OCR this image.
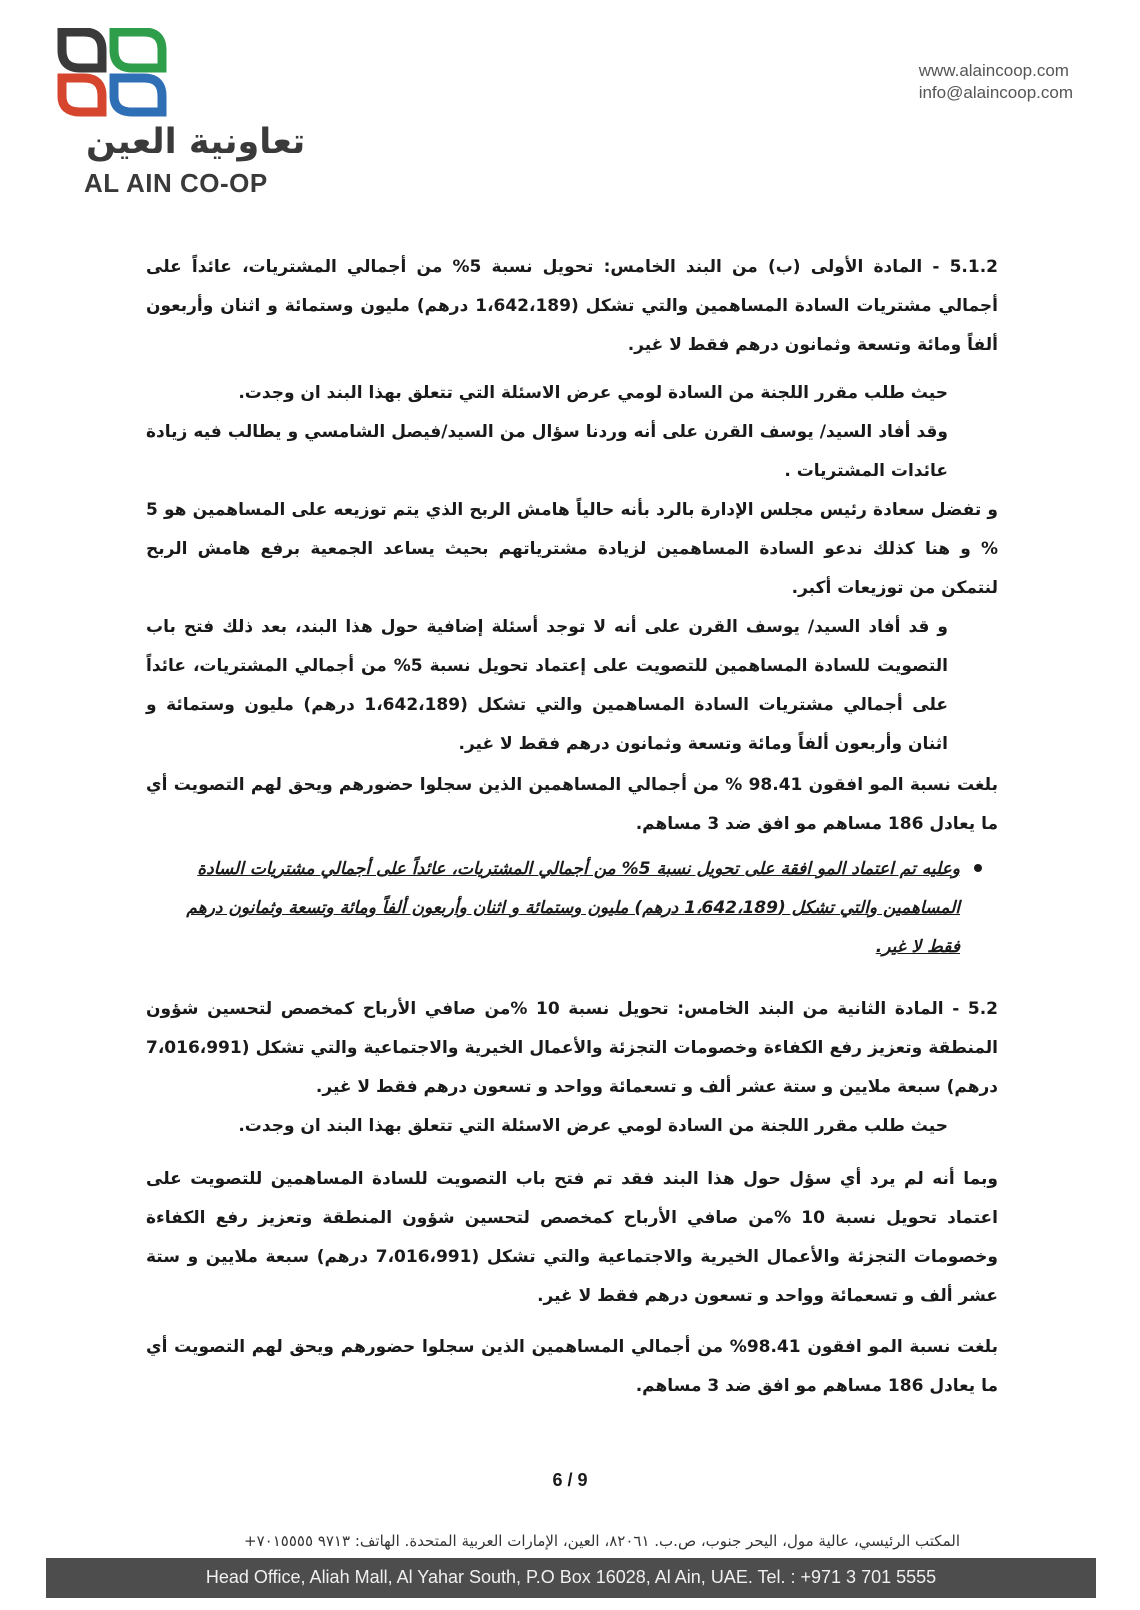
تعاونية العين
AL AIN CO-OP
www.alaincoop.com
info@alaincoop.com

5.1.2 - المادة الأولى (ب) من البند الخامس: تحويل نسبة 5% من أجمالي المشتريات، عائداً على أجمالي مشتريات السادة المساهمين والتي تشكل (1،642،189 درهم) مليون وستمائة و اثنان وأربعون ألفاً ومائة وتسعة وثمانون درهم فقط لا غير.

حيث طلب مقرر اللجنة من السادة لومي عرض الاسئلة التي تتعلق بهذا البند ان وجدت.

وقد أفاد السيد/ يوسف القرن على أنه وردنا سؤال من السيد/فيصل الشامسي و يطالب فيه زيادة عائدات المشتريات .

و تفضل سعادة رئيس مجلس الإدارة بالرد بأنه حالياً هامش الربح الذي يتم توزيعه على المساهمين هو 5 % و هنا كذلك ندعو السادة المساهمين لزيادة مشترياتهم بحيث يساعد الجمعية برفع هامش الربح لنتمكن من توزيعات أكبر.

و قد أفاد السيد/ يوسف القرن على أنه لا توجد أسئلة إضافية حول هذا البند، بعد ذلك فتح باب التصويت للسادة المساهمين للتصويت على إعتماد تحويل نسبة 5% من أجمالي المشتريات، عائداً على أجمالي مشتريات السادة المساهمين والتي تشكل (1،642،189 درهم) مليون وستمائة و اثنان وأربعون ألفاً ومائة وتسعة وثمانون درهم فقط لا غير.

بلغت نسبة المو افقون 98.41 % من أجمالي المساهمين الذين سجلوا حضورهم ويحق لهم التصويت أي ما يعادل 186 مساهم مو افق ضد 3 مساهم.

وعليه تم اعتماد المو افقة على تحويل نسبة 5% من أجمالي المشتريات، عائداً على أجمالي مشتريات السادة المساهمين والتي تشكل (1،642،189 درهم) مليون وستمائة و اثنان وأربعون ألفاً ومائة وتسعة وثمانون درهم فقط لا غير.

5.2 - المادة الثانية من البند الخامس: تحويل نسبة 10 %من صافي الأرباح كمخصص لتحسين شؤون المنطقة وتعزيز رفع الكفاءة وخصومات التجزئة والأعمال الخيرية والاجتماعية والتي تشكل (7،016،991 درهم) سبعة ملايين و ستة عشر ألف و تسعمائة وواحد و تسعون درهم فقط لا غير.

حيث طلب مقرر اللجنة من السادة لومي عرض الاسئلة التي تتعلق بهذا البند ان وجدت.

وبما أنه لم يرد أي سؤل حول هذا البند فقد تم فتح باب التصويت للسادة المساهمين للتصويت على اعتماد تحويل نسبة 10 %من صافي الأرباح كمخصص لتحسين شؤون المنطقة وتعزيز رفع الكفاءة وخصومات التجزئة والأعمال الخيرية والاجتماعية والتي تشكل (7،016،991 درهم) سبعة ملايين و ستة عشر ألف و تسعمائة وواحد و تسعون درهم فقط لا غير.

بلغت نسبة المو افقون 98.41% من أجمالي المساهمين الذين سجلوا حضورهم ويحق لهم التصويت أي ما يعادل 186 مساهم مو افق ضد 3 مساهم.

6 / 9
المكتب الرئيسي، عالية مول، اليحر جنوب، ص.ب. ٨٢٠٦١، العين، الإمارات العربية المتحدة. الهاتف: ٩٧١٣ ٧٠١٥٥٥٥+
Head Office, Aliah Mall, Al Yahar South, P.O Box 16028, Al Ain, UAE. Tel. : +971 3 701 5555
